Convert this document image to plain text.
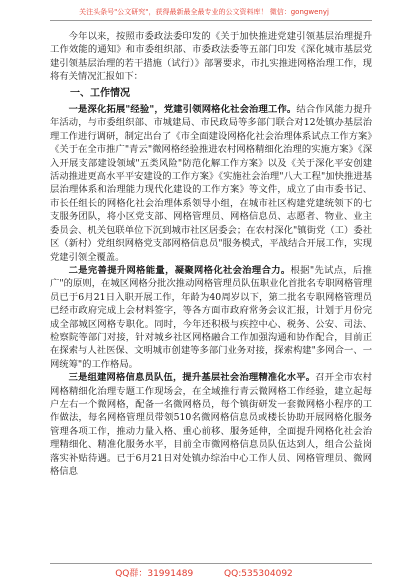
关注头条号"公文研究"，获得最新最全最专业的公文资料库！ 微信：gongwenyj

今年以来，按照市委政法委印发的《关于加快推进党建引领基层治理提升工作效能的通知》和市委组织部、市委政法委等五部门印发《深化城市基层党建引领基层治理的若干措施（试行）》部署要求，市扎实推进网格治理工作，现将有关情况汇报如下：

一、工作情况

一是深化拓展"经验"，党建引领网格化社会治理工作。结合作风能力提升年活动，与市委组织部、市城建局、市民政局等多部门联合对12处镇办基层治理工作进行调研，制定出台了《市全面建设网格化社会治理体系试点工作方案》《关于在全市推广"青云"微网格经验推进农村网格精细化治理的实施方案》《深入开展支部建设领域"五类风险"防范化解工作方案》以及《关于深化平安创建活动推进更高水平平安建设的工作方案》《实施社会治理"八大工程"加快推进基层治理体系和治理能力现代化建设的工作方案》等文件，成立了由市委书记、市长任组长的网格化社会治理体系领导小组，在城市社区构建党建统领下的七支服务团队，将小区党支部、网格管理员、网格信息员、志愿者、物业、业主委员会、机关包联单位下沉到城市社区居委会；在农村深化"镇街党（工）委社区（新村）党组织网格党支部网格信息员"服务模式，平战结合开展工作，实现党建引领全覆盖。

二是完善提升网格能量，凝聚网格化社会治理合力。根据"先试点，后推广"的原则，在城区网格分批次推动网格管理员队伍职业化首批名专职网格管理员已于6月21日入职开展工作，年龄为40周岁以下，第二批名专职网格管理员已经市政府完成上会材料签字，等各方面市政府常务会议汇报，计划于月份完成全部城区网格专职化。同时，今年还积极与疾控中心、税务、公安、司法、检察院等部门对接，针对城乡社区网格融合工作加强沟通和协作配合，目前正在探索与人社医保、文明城市创建等多部门业务对接，探索构建"多网合一、一网统筹"的工作格局。

三是组建网格信息员队伍，提升基层社会治理精准化水平。召开全市农村网格精细化治理专题工作现场会，在全域推行青云微网格工作经验，建立起每户左右一个微网格，配备一名微网格员，每个镇街研发一套微网格小程序的工作做法，每名网格管理员带领510名微网格信息员或楼长协助开展网格化服务管理各项工作，推动力量入格、重心前移、服务延伸，全面提升网格化社会治理精细化、精准化服务水平，目前全市微网格信息员队伍达到人，组合公益岗落实补贴待遇。已于6月21日对处镇办综治中心工作人员、网格管理员、微网格信息

QQ群：31991489	QQ:535304092
